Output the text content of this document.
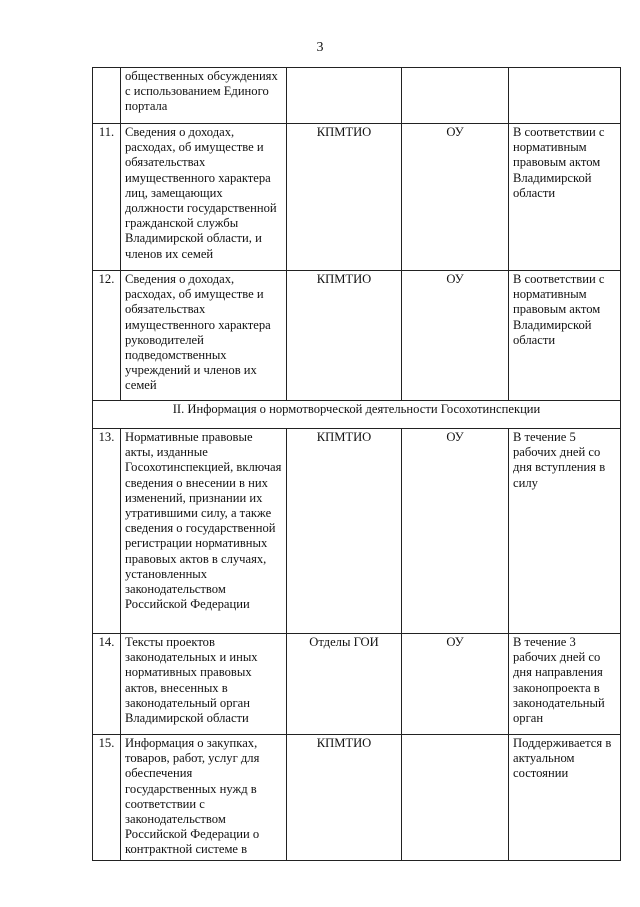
3
	общественных обсуждениях с использованием Единого портала			
11.	Сведения о доходах, расходах, об имуществе и обязательствах имущественного характера лиц, замещающих должности государственной гражданской службы Владимирской области, и членов их семей	КПМТИО	ОУ	В соответствии с нормативным правовым актом Владимирской области
12.	Сведения о доходах, расходах, об имуществе и обязательствах имущественного характера руководителей подведомственных учреждений и членов их семей	КПМТИО	ОУ	В соответствии с нормативным правовым актом Владимирской области
II. Информация о нормотворческой деятельности Госохотинспекции				
13.	Нормативные правовые акты, изданные Госохотинспекцией, включая сведения о внесении в них изменений, признании их утратившими силу, а также сведения о государственной регистрации нормативных правовых актов в случаях, установленных законодательством Российской Федерации	КПМТИО	ОУ	В течение 5 рабочих дней со дня вступления в силу
14.	Тексты проектов законодательных и иных нормативных правовых актов, внесенных в законодательный орган Владимирской области	Отделы ГОИ	ОУ	В течение 3 рабочих дней со дня направления законопроекта в законодательный орган
15.	Информация о закупках, товаров, работ, услуг для обеспечения государственных нужд в соответствии с законодательством Российской Федерации о контрактной системе в	КПМТИО		Поддерживается в актуальном состоянии
